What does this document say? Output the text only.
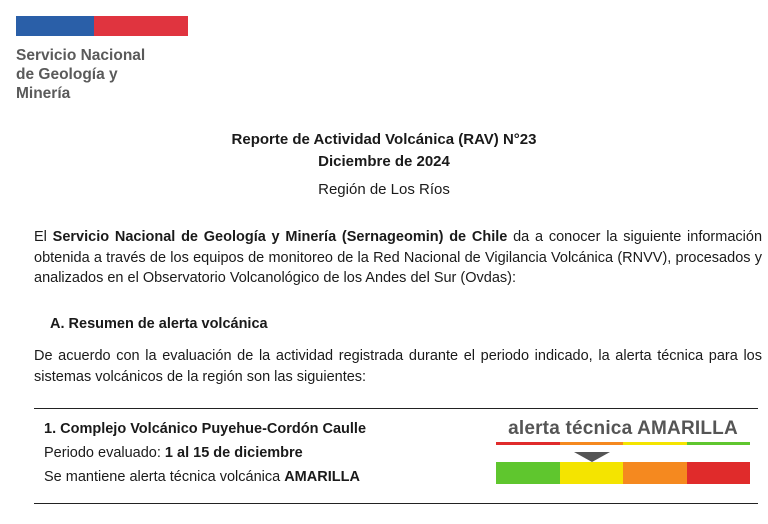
Servicio Nacional
de Geología y
Minería
Reporte de Actividad Volcánica (RAV) N°23
Diciembre de 2024
Región de Los Ríos
El Servicio Nacional de Geología y Minería (Sernageomin) de Chile da a conocer la siguiente información obtenida a través de los equipos de monitoreo de la Red Nacional de Vigilancia Volcánica (RNVV), procesados y analizados en el Observatorio Volcanológico de los Andes del Sur (Ovdas):
A. Resumen de alerta volcánica
De acuerdo con la evaluación de la actividad registrada durante el periodo indicado, la alerta técnica para los sistemas volcánicos de la región son las siguientes:
1. Complejo Volcánico Puyehue-Cordón Caulle
Periodo evaluado: 1 al 15 de diciembre
Se mantiene alerta técnica volcánica AMARILLA
alerta técnica AMARILLA
